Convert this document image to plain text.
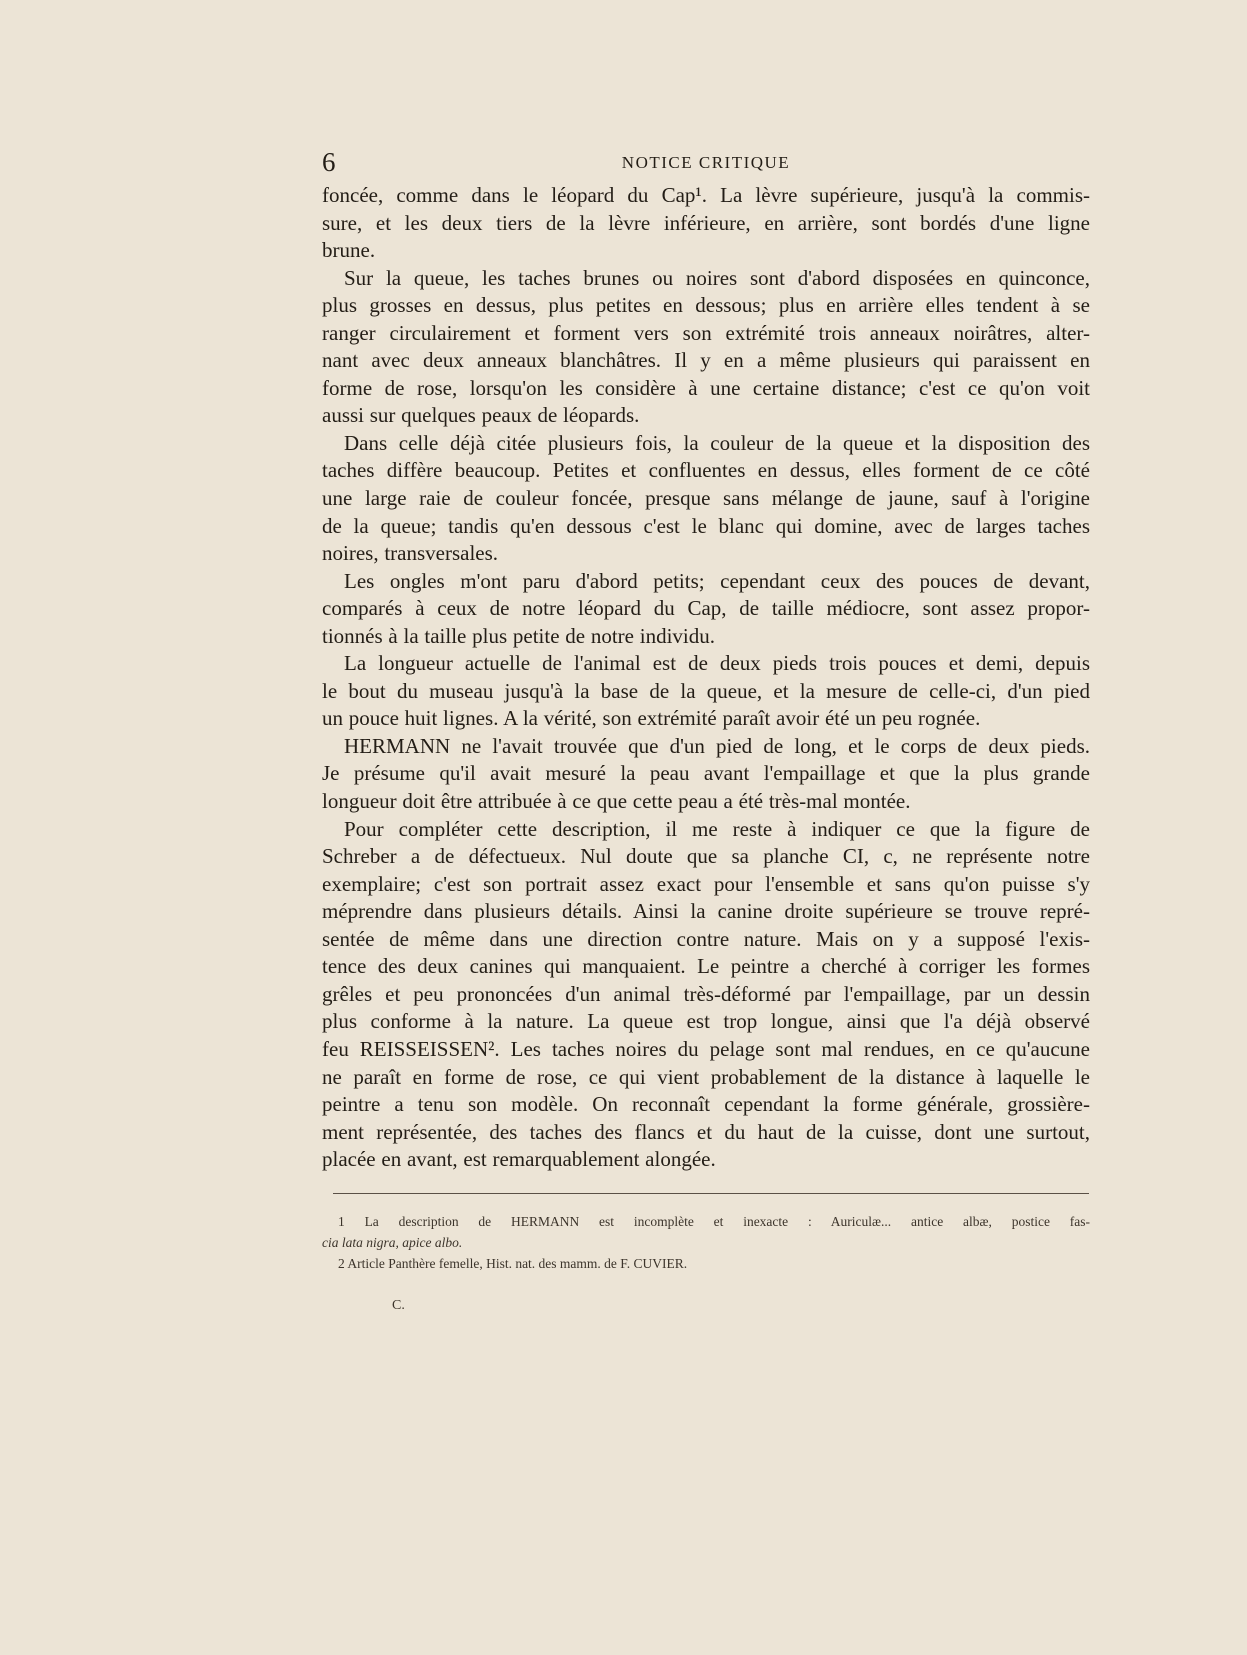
6	NOTICE CRITIQUE
foncée, comme dans le léopard du Cap¹. La lèvre supérieure, jusqu'à la commis-
sure, et les deux tiers de la lèvre inférieure, en arrière, sont bordés d'une ligne
brune.
Sur la queue, les taches brunes ou noires sont d'abord disposées en quinconce,
plus grosses en dessus, plus petites en dessous; plus en arrière elles tendent à se
ranger circulairement et forment vers son extrémité trois anneaux noirâtres, alter-
nant avec deux anneaux blanchâtres. Il y en a même plusieurs qui paraissent en
forme de rose, lorsqu'on les considère à une certaine distance; c'est ce qu'on voit
aussi sur quelques peaux de léopards.
Dans celle déjà citée plusieurs fois, la couleur de la queue et la disposition des
taches diffère beaucoup. Petites et confluentes en dessus, elles forment de ce côté
une large raie de couleur foncée, presque sans mélange de jaune, sauf à l'origine
de la queue; tandis qu'en dessous c'est le blanc qui domine, avec de larges taches
noires, transversales.
Les ongles m'ont paru d'abord petits; cependant ceux des pouces de devant,
comparés à ceux de notre léopard du Cap, de taille médiocre, sont assez propor-
tionnés à la taille plus petite de notre individu.
La longueur actuelle de l'animal est de deux pieds trois pouces et demi, depuis
le bout du museau jusqu'à la base de la queue, et la mesure de celle-ci, d'un pied
un pouce huit lignes. A la vérité, son extrémité paraît avoir été un peu rognée.
HERMANN ne l'avait trouvée que d'un pied de long, et le corps de deux pieds.
Je présume qu'il avait mesuré la peau avant l'empaillage et que la plus grande
longueur doit être attribuée à ce que cette peau a été très-mal montée.
Pour compléter cette description, il me reste à indiquer ce que la figure de
Schreber a de défectueux. Nul doute que sa planche CI, c, ne représente notre
exemplaire; c'est son portrait assez exact pour l'ensemble et sans qu'on puisse s'y
méprendre dans plusieurs détails. Ainsi la canine droite supérieure se trouve repré-
sentée de même dans une direction contre nature. Mais on y a supposé l'exis-
tence des deux canines qui manquaient. Le peintre a cherché à corriger les formes
grêles et peu prononcées d'un animal très-déformé par l'empaillage, par un dessin
plus conforme à la nature. La queue est trop longue, ainsi que l'a déjà observé
feu REISSEISSEN². Les taches noires du pelage sont mal rendues, en ce qu'aucune
ne paraît en forme de rose, ce qui vient probablement de la distance à laquelle le
peintre a tenu son modèle. On reconnaît cependant la forme générale, grossière-
ment représentée, des taches des flancs et du haut de la cuisse, dont une surtout,
placée en avant, est remarquablement alongée.
1 La description de HERMANN est incomplète et inexacte : Auriculæ... antice albæ, postice fas-
cia lata nigra, apice albo.
2 Article Panthère femelle, Hist. nat. des mamm. de F. CUVIER.
C.
